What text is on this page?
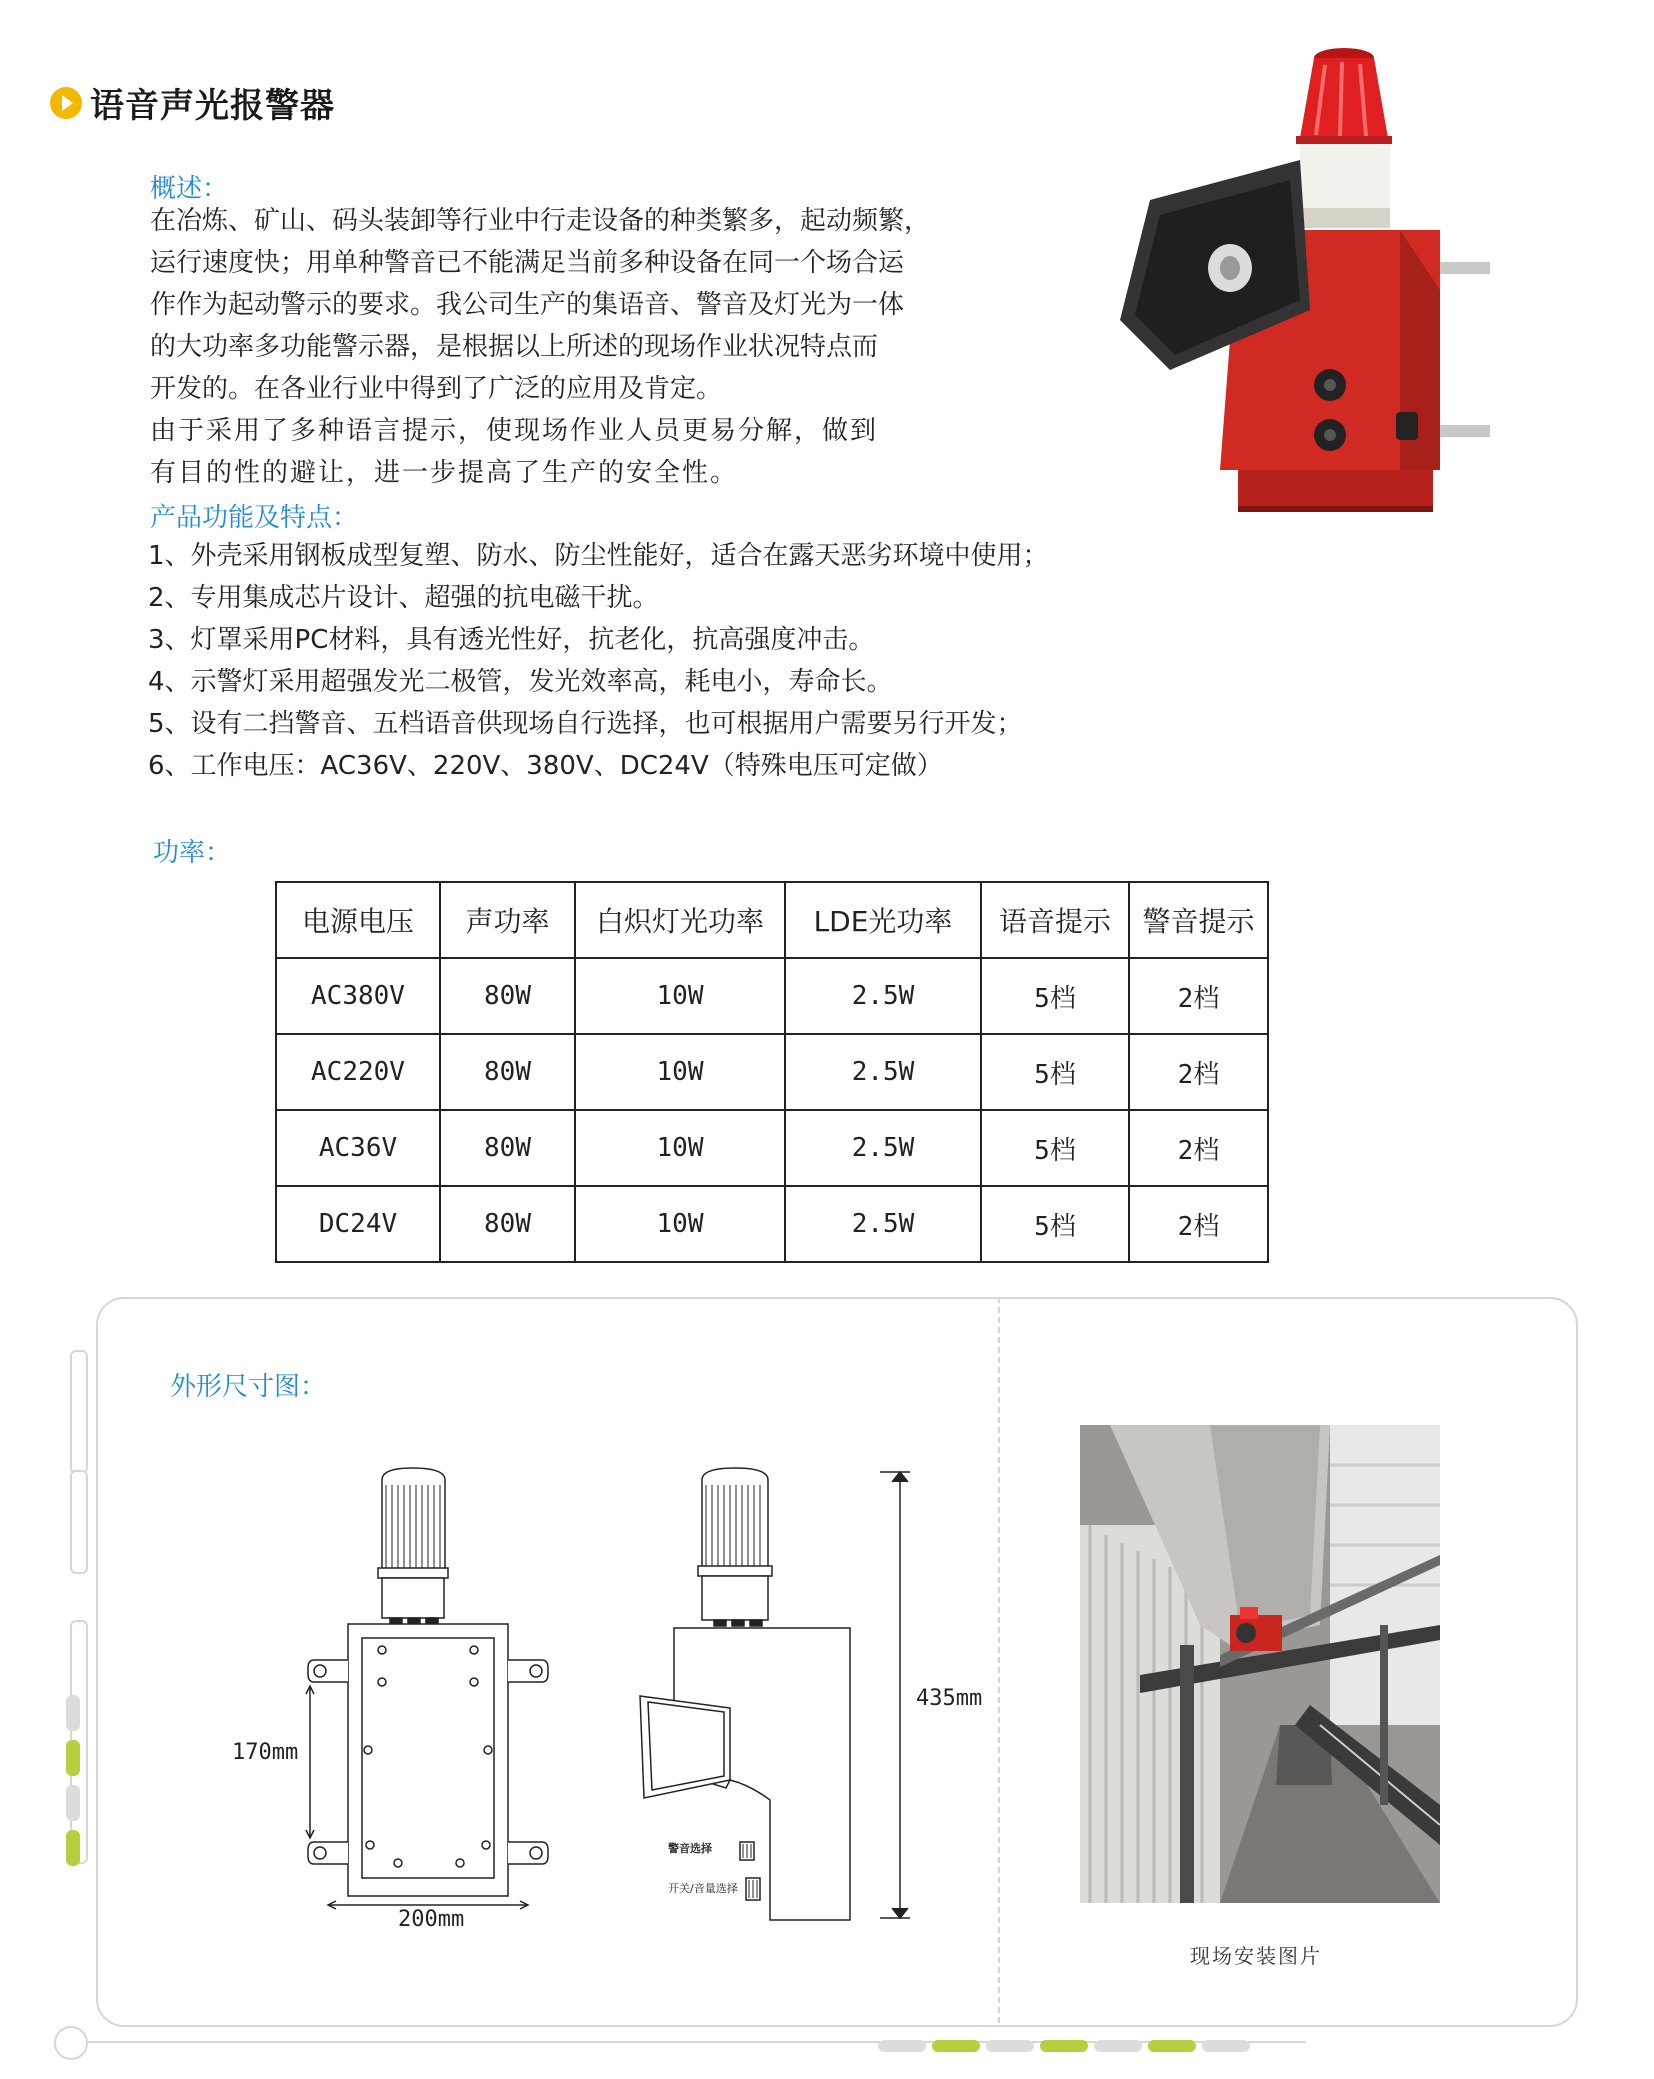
语音声光报警器
概述：
在冶炼、矿山、码头装卸等行业中行走设备的种类繁多，起动频繁，
运行速度快；用单种警音已不能满足当前多种设备在同一个场合运
作作为起动警示的要求。我公司生产的集语音、警音及灯光为一体
的大功率多功能警示器，是根据以上所述的现场作业状况特点而
开发的。在各业行业中得到了广泛的应用及肯定。
由于采用了多种语言提示，使现场作业人员更易分解，做到
有目的性的避让，进一步提高了生产的安全性。
产品功能及特点：
1、外壳采用钢板成型复塑、防水、防尘性能好，适合在露天恶劣环境中使用；
2、专用集成芯片设计、超强的抗电磁干扰。
3、灯罩采用PC材料，具有透光性好，抗老化，抗高强度冲击。
4、示警灯采用超强发光二极管，发光效率高，耗电小，寿命长。
5、设有二挡警音、五档语音供现场自行选择，也可根据用户需要另行开发；
6、工作电压：AC36V、220V、380V、DC24V（特殊电压可定做）
功率：
电源电压	声功率	白炽灯光功率	LDE光功率	语音提示	警音提示
AC380V	80W	10W	2.5W	5档	2档
AC220V	80W	10W	2.5W	5档	2档
AC36V	80W	10W	2.5W	5档	2档
DC24V	80W	10W	2.5W	5档	2档
外形尺寸图：
170mm
200mm
警音选择
开关/音量选择
435mm
现场安装图片
